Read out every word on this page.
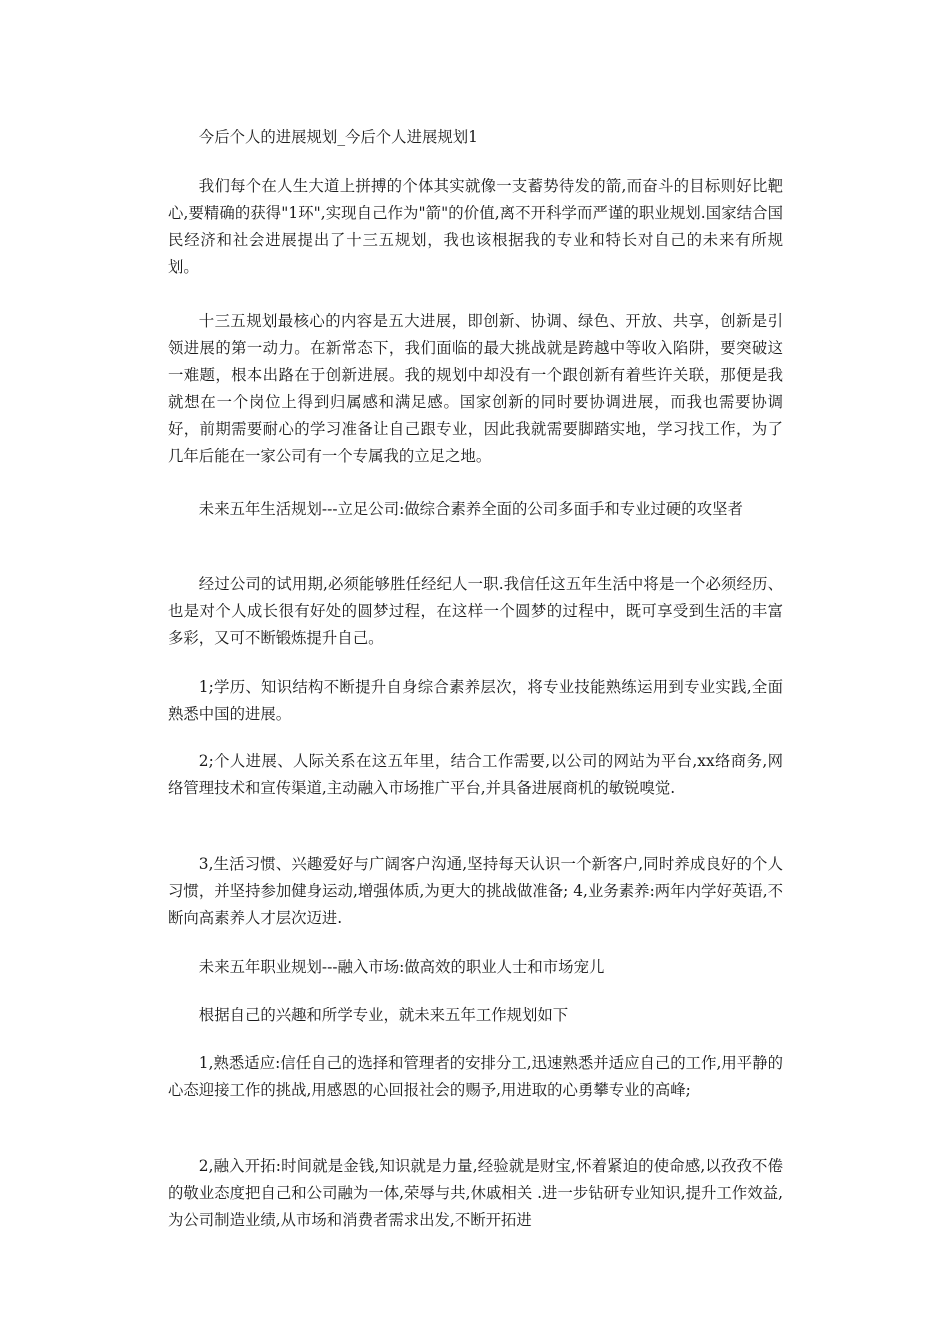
今后个人的进展规划_今后个人进展规划1

我们每个在人生大道上拼搏的个体其实就像一支蓄势待发的箭,而奋斗的目标则好比靶心,要精确的获得"1环",实现自己作为"箭"的价值,离不开科学而严谨的职业规划.国家结合国民经济和社会进展提出了十三五规划，我也该根据我的专业和特长对自己的未来有所规划。

十三五规划最核心的内容是五大进展，即创新、协调、绿色、开放、共享，创新是引领进展的第一动力。在新常态下，我们面临的最大挑战就是跨越中等收入陷阱，要突破这一难题，根本出路在于创新进展。我的规划中却没有一个跟创新有着些许关联，那便是我就想在一个岗位上得到归属感和满足感。国家创新的同时要协调进展，而我也需要协调好，前期需要耐心的学习准备让自己跟专业，因此我就需要脚踏实地，学习找工作，为了几年后能在一家公司有一个专属我的立足之地。

未来五年生活规划---立足公司:做综合素养全面的公司多面手和专业过硬的攻坚者

经过公司的试用期,必须能够胜任经纪人一职.我信任这五年生活中将是一个必须经历、也是对个人成长很有好处的圆梦过程，在这样一个圆梦的过程中，既可享受到生活的丰富多彩，又可不断锻炼提升自己。

1;学历、知识结构不断提升自身综合素养层次，将专业技能熟练运用到专业实践,全面熟悉中国的进展。

2;个人进展、人际关系在这五年里，结合工作需要,以公司的网站为平台,xx络商务,网络管理技术和宣传渠道,主动融入市场推广平台,并具备进展商机的敏锐嗅觉.

3,生活习惯、兴趣爱好与广阔客户沟通,坚持每天认识一个新客户,同时养成良好的个人习惯，并坚持参加健身运动,增强体质,为更大的挑战做准备; 4,业务素养:两年内学好英语,不断向高素养人才层次迈进.

未来五年职业规划---融入市场:做高效的职业人士和市场宠儿

根据自己的兴趣和所学专业，就未来五年工作规划如下

1,熟悉适应:信任自己的选择和管理者的安排分工,迅速熟悉并适应自己的工作,用平静的心态迎接工作的挑战,用感恩的心回报社会的赐予,用进取的心勇攀专业的高峰;

2,融入开拓:时间就是金钱,知识就是力量,经验就是财宝,怀着紧迫的使命感,以孜孜不倦的敬业态度把自己和公司融为一体,荣辱与共,休戚相关 .进一步钻研专业知识,提升工作效益,为公司制造业绩,从市场和消费者需求出发,不断开拓进
